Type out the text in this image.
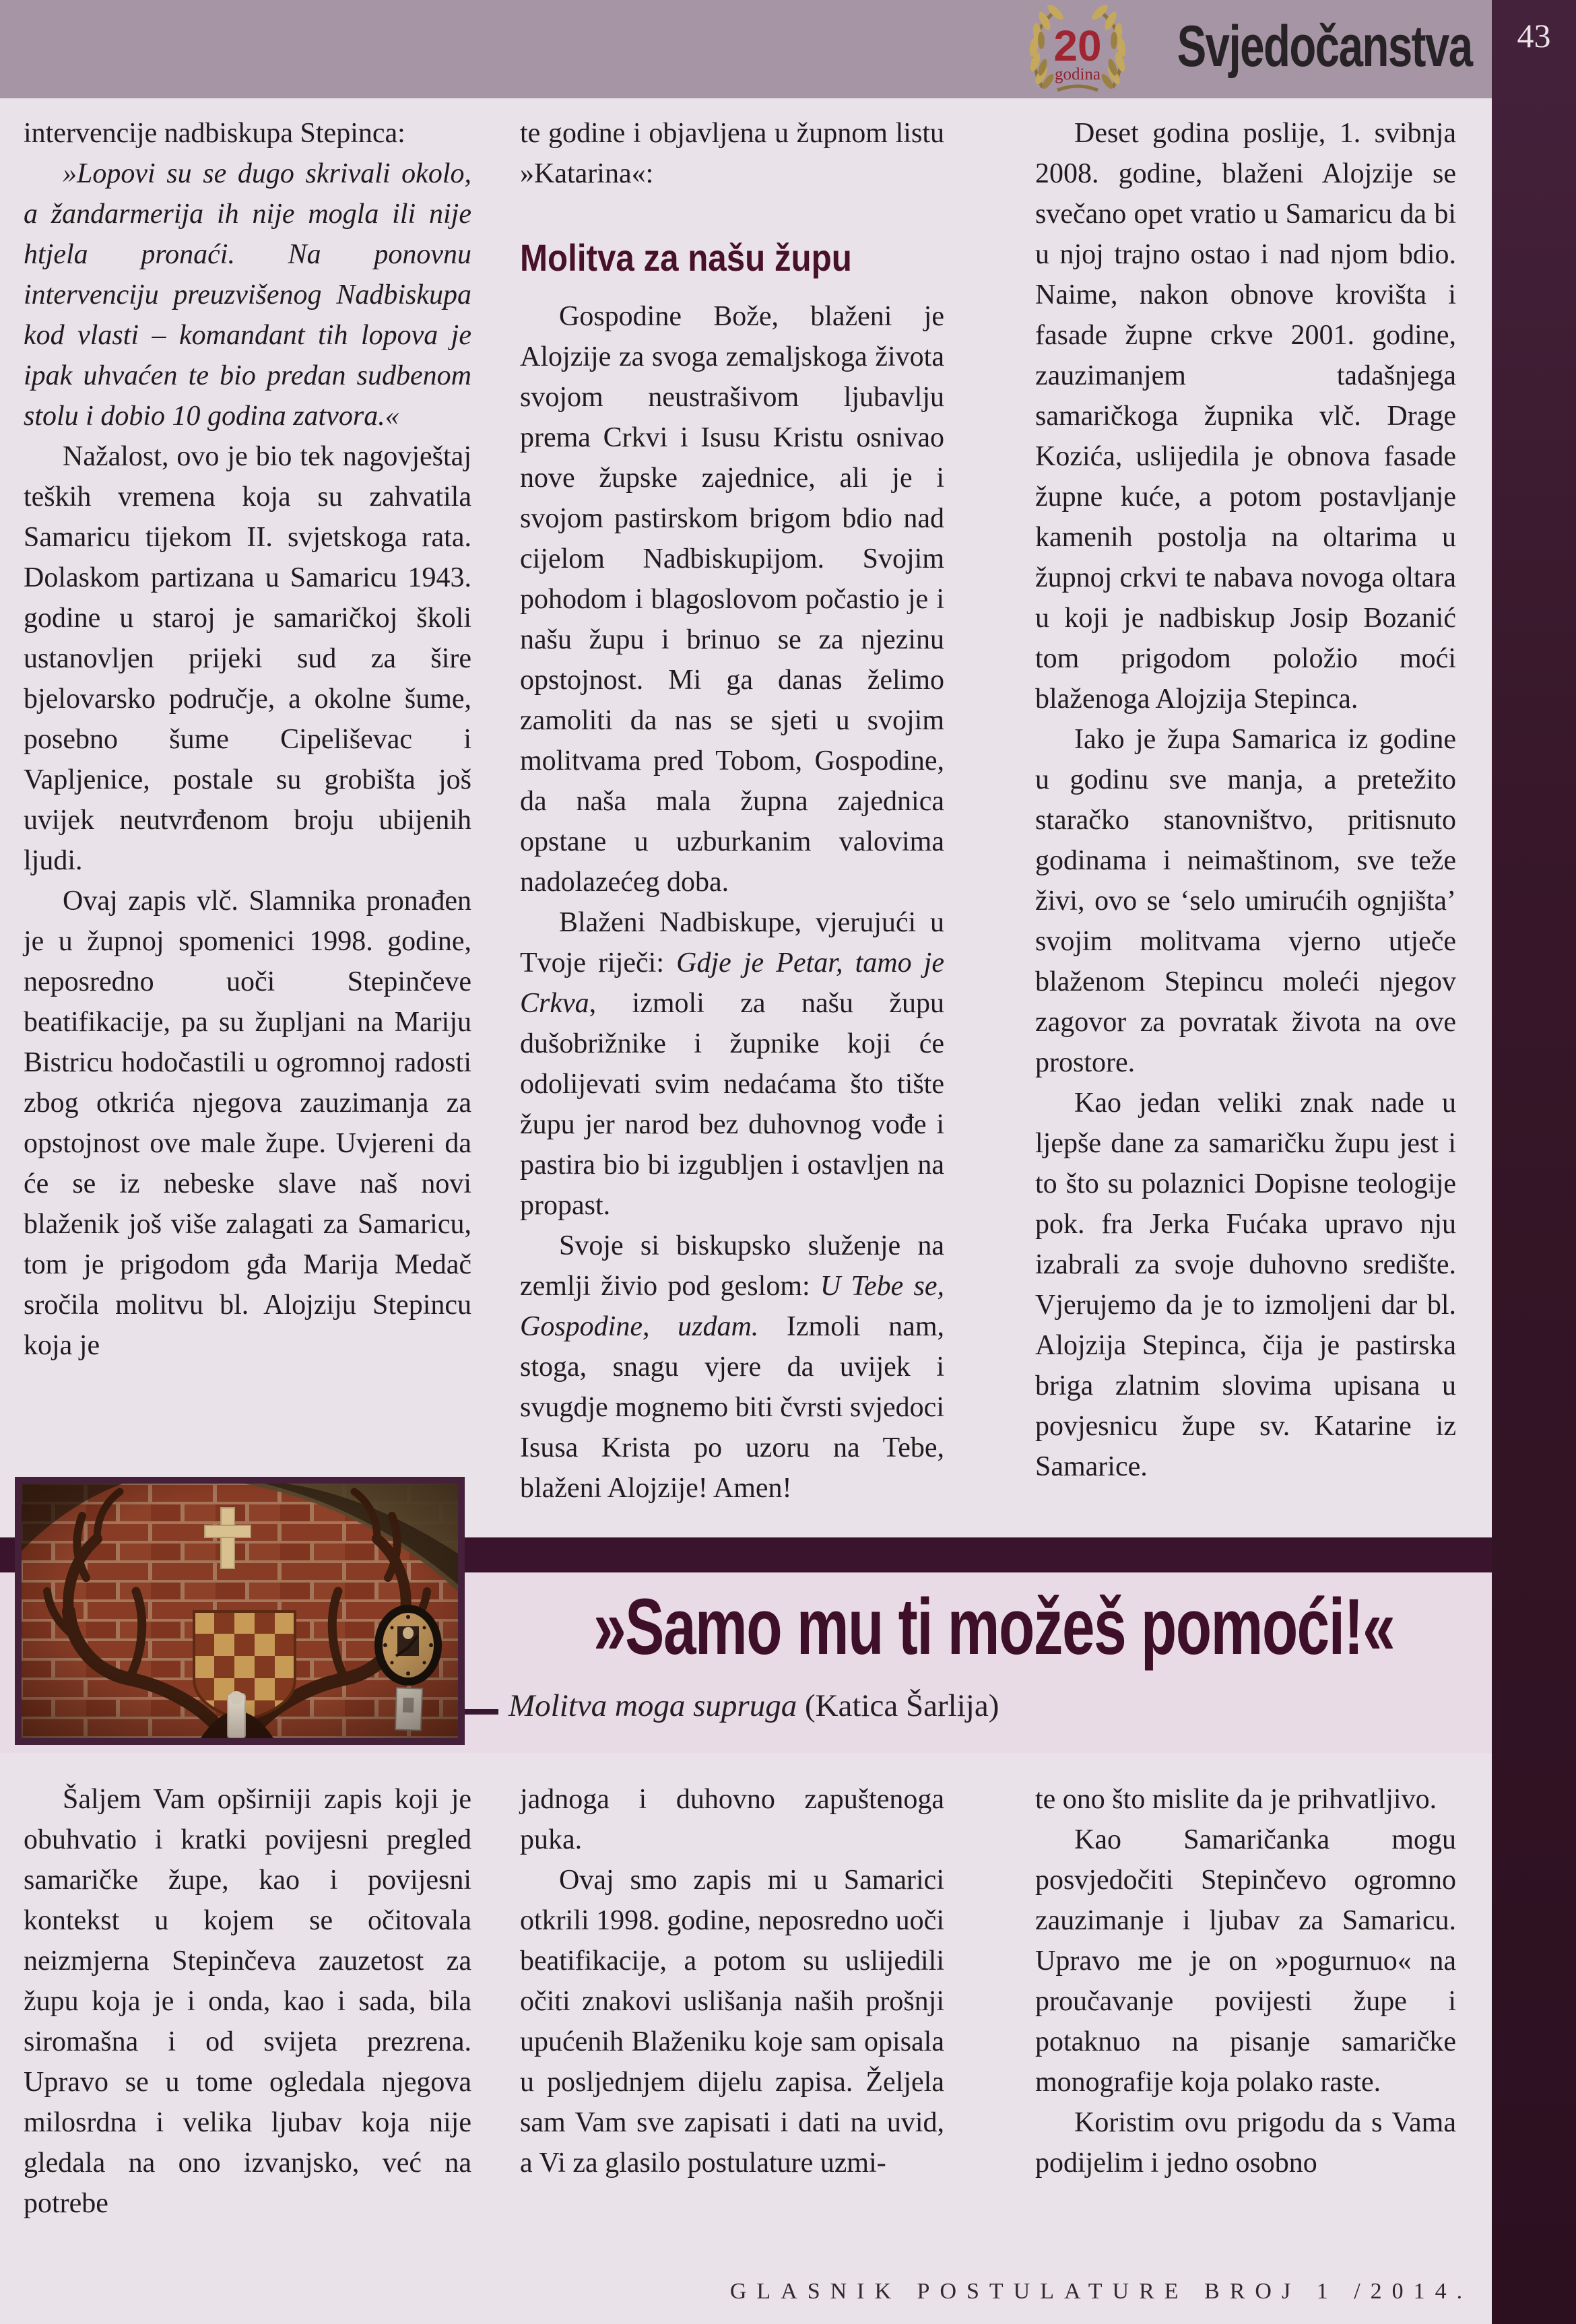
20
godina Svjedočanstva	43

intervencije nadbiskupa Stepinca:

»Lopovi su se dugo skrivali okolo, a žandarmerija ih nije mogla ili nije htjela pronaći. Na ponovnu intervenciju preuzvišenog Nadbiskupa kod vlasti – komandant tih lopova je ipak uhvaćen te bio predan sudbenom stolu i dobio 10 godina zatvora.«

Nažalost, ovo je bio tek nagovještaj teških vremena koja su zahvatila Samaricu tijekom II. svjetskoga rata. Dolaskom partizana u Samaricu 1943. godine u staroj je samaričkoj školi ustanovljen prijeki sud za šire bjelovarsko područje, a okolne šume, posebno šume Cipeliševac i Vapljenice, postale su grobišta još uvijek neutvrđenom broju ubijenih ljudi.

Ovaj zapis vlč. Slamnika pronađen je u župnoj spomenici 1998. godine, neposredno uoči Stepinčeve beatifikacije, pa su župljani na Mariju Bistricu hodočastili u ogromnoj radosti zbog otkrića njegova zauzimanja za opstojnost ove male župe. Uvjereni da će se iz nebeske slave naš novi blaženik još više zalagati za Samaricu, tom je prigodom gđa Marija Medač sročila molitvu bl. Alojziju Stepincu koja je

te godine i objavljena u župnom listu »Katarina«:

Molitva za našu župu

Gospodine Bože, blaženi je Alojzije za svoga zemaljskoga života svojom neustrašivom ljubavlju prema Crkvi i Isusu Kristu osnivao nove župske zajednice, ali je i svojom pastirskom brigom bdio nad cijelom Nadbiskupijom. Svojim pohodom i blagoslovom počastio je i našu župu i brinuo se za njezinu opstojnost. Mi ga danas želimo zamoliti da nas se sjeti u svojim molitvama pred Tobom, Gospodine, da naša mala župna zajednica opstane u uzburkanim valovima nadolazećeg doba.

Blaženi Nadbiskupe, vjerujući u Tvoje riječi: Gdje je Petar, tamo je Crkva, izmoli za našu župu dušobrižnike i župnike koji će odolijevati svim nedaćama što tište župu jer narod bez duhovnog vođe i pastira bio bi izgubljen i ostavljen na propast.

Svoje si biskupsko služenje na zemlji živio pod geslom: U Tebe se, Gospodine, uzdam. Izmoli nam, stoga, snagu vjere da uvijek i svugdje mognemo biti čvrsti svjedoci Isusa Krista po uzoru na Tebe, blaženi Alojzije! Amen!

Deset godina poslije, 1. svibnja 2008. godine, blaženi Alojzije se svečano opet vratio u Samaricu da bi u njoj trajno ostao i nad njom bdio. Naime, nakon obnove krovišta i fasade župne crkve 2001. godine, zauzimanjem tadašnjega samaričkoga župnika vlč. Drage Kozića, uslijedila je obnova fasade župne kuće, a potom postavljanje kamenih postolja na oltarima u župnoj crkvi te nabava novoga oltara u koji je nadbiskup Josip Bozanić tom prigodom položio moći blaženoga Alojzija Stepinca.

Iako je župa Samarica iz godine u godinu sve manja, a pretežito staračko stanovništvo, pritisnuto godinama i neimaštinom, sve teže živi, ovo se ‘selo umirućih ognjišta’ svojim molitvama vjerno utječe blaženom Stepincu moleći njegov zagovor za povratak života na ove prostore.

Kao jedan veliki znak nade u ljepše dane za samaričku župu jest i to što su polaznici Dopisne teologije pok. fra Jerka Fućaka upravo nju izabrali za svoje duhovno središte. Vjerujemo da je to izmoljeni dar bl. Alojzija Stepinca, čija je pastirska briga zlatnim slovima upisana u povjesnicu župe sv. Katarine iz Samarice.

»Samo mu ti možeš pomoći!«
Molitva moga supruga (Katica Šarlija)

Šaljem Vam opširniji zapis koji je obuhvatio i kratki povijesni pregled samaričke župe, kao i povijesni kontekst u kojem se očitovala neizmjerna Stepinčeva zauzetost za župu koja je i onda, kao i sada, bila siromašna i od svijeta prezrena. Upravo se u tome ogledala njegova milosrdna i velika ljubav koja nije gledala na ono izvanjsko, već na potrebe

jadnoga i duhovno zapuštenoga puka.

Ovaj smo zapis mi u Samarici otkrili 1998. godine, neposredno uoči beatifikacije, a potom su uslijedili očiti znakovi uslišanja naših prošnji upućenih Blaženiku koje sam opisala u posljednjem dijelu zapisa. Željela sam Vam sve zapisati i dati na uvid, a Vi za glasilo postulature uzmi-

te ono što mislite da je prihvatljivo.

Kao Samaričanka mogu posvjedočiti Stepinčevo ogromno zauzimanje i ljubav za Samaricu. Upravo me je on »pogurnuo« na proučavanje povijesti župe i potaknuo na pisanje samaričke monografije koja polako raste.

Koristim ovu prigodu da s Vama podijelim i jedno osobno

GLASNIK POSTULATURE BROJ 1 /2014.
